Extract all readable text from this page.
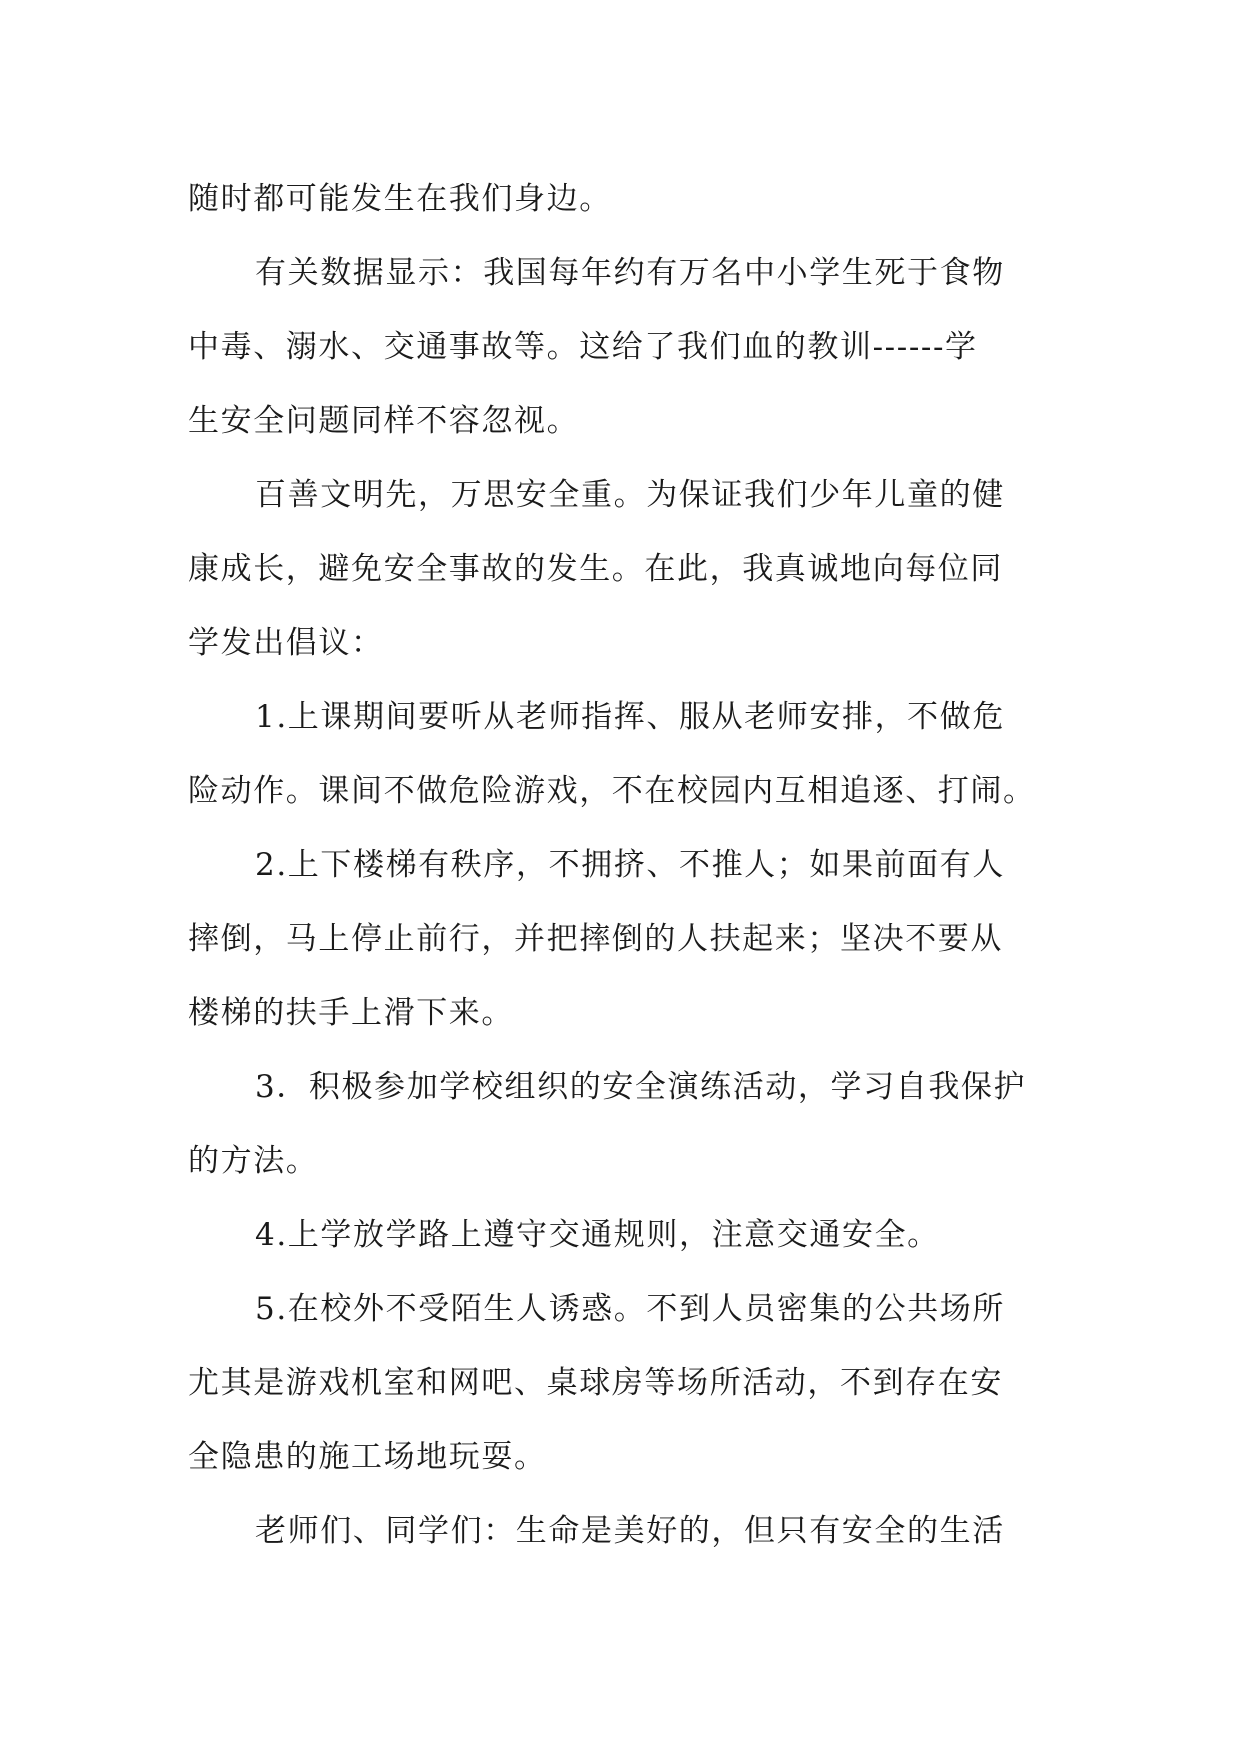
随时都可能发生在我们身边。
有关数据显示：我国每年约有万名中小学生死于食物
中毒、溺水、交通事故等。这给了我们血的教训------学
生安全问题同样不容忽视。
百善文明先，万思安全重。为保证我们少年儿童的健
康成长，避免安全事故的发生。在此，我真诚地向每位同
学发出倡议：
1.上课期间要听从老师指挥、服从老师安排，不做危
险动作。课间不做危险游戏，不在校园内互相追逐、打闹。
2.上下楼梯有秩序，不拥挤、不推人；如果前面有人
摔倒，马上停止前行，并把摔倒的人扶起来；坚决不要从
楼梯的扶手上滑下来。
3．积极参加学校组织的安全演练活动，学习自我保护
的方法。
4.上学放学路上遵守交通规则，注意交通安全。
5.在校外不受陌生人诱惑。不到人员密集的公共场所
尤其是游戏机室和网吧、桌球房等场所活动，不到存在安
全隐患的施工场地玩耍。
老师们、同学们：生命是美好的，但只有安全的生活
